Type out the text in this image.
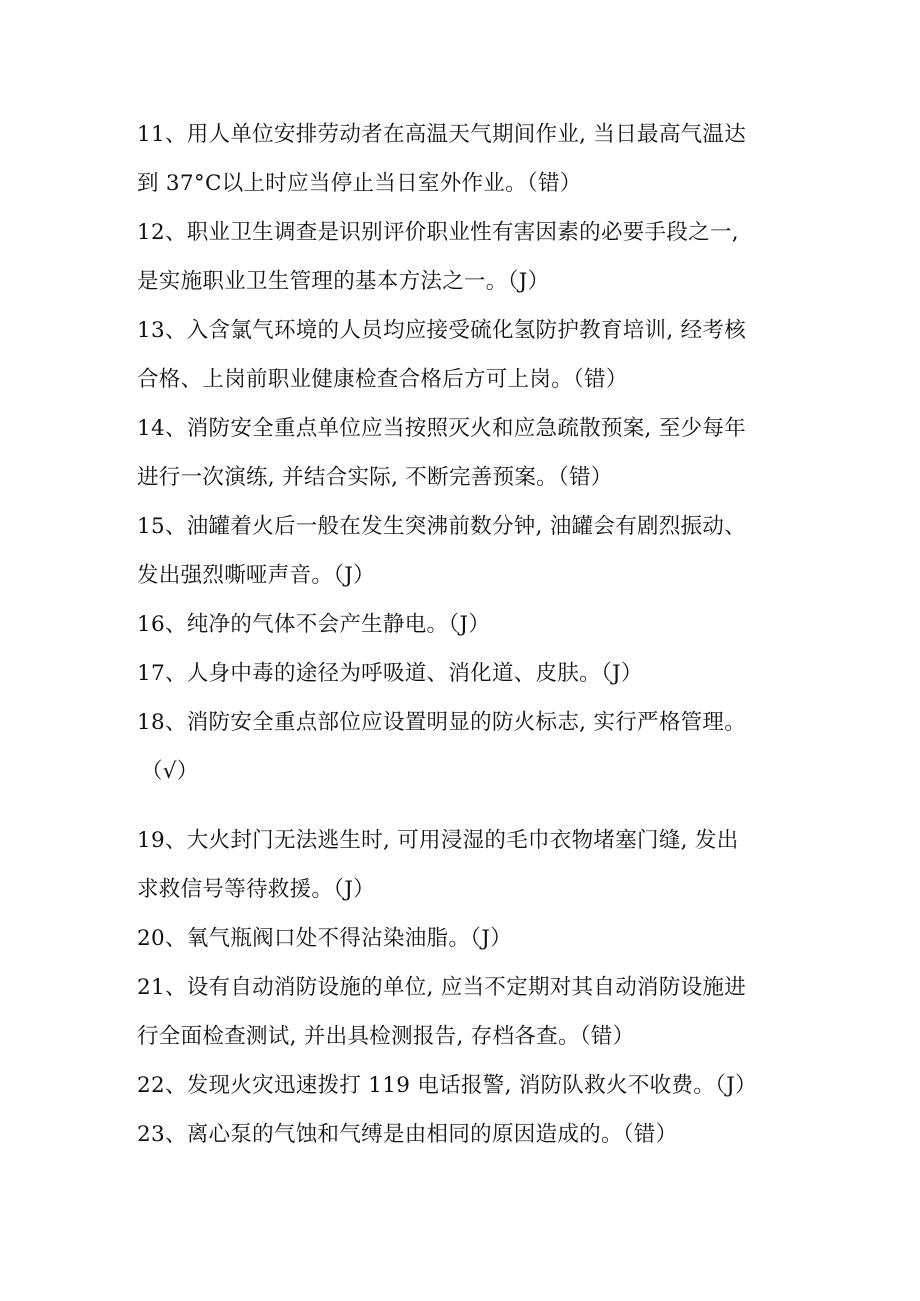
11、用人单位安排劳动者在高温天气期间作业, 当日最高气温达
到 37°C以上时应当停止当日室外作业。（错）

12、职业卫生调查是识别评价职业性有害因素的必要手段之一,
是实施职业卫生管理的基本方法之一。（J）

13、入含氯气环境的人员均应接受硫化氢防护教育培训, 经考核
合格、上岗前职业健康检查合格后方可上岗。（错）

14、消防安全重点单位应当按照灭火和应急疏散预案, 至少每年
进行一次演练, 并结合实际, 不断完善预案。（错）

15、油罐着火后一般在发生突沸前数分钟, 油罐会有剧烈振动、
发出强烈嘶哑声音。（J）

16、纯净的气体不会产生静电。（J）

17、人身中毒的途径为呼吸道、消化道、皮肤。（J）

18、消防安全重点部位应设置明显的防火标志, 实行严格管理。
（√）

19、大火封门无法逃生时, 可用浸湿的毛巾衣物堵塞门缝, 发出
求救信号等待救援。（J）

20、氧气瓶阀口处不得沾染油脂。（J）

21、设有自动消防设施的单位, 应当不定期对其自动消防设施进
行全面检查测试, 并出具检测报告, 存档各查。（错）

22、发现火灾迅速拨打 119 电话报警, 消防队救火不收费。（J）

23、离心泵的气蚀和气缚是由相同的原因造成的。（错）
